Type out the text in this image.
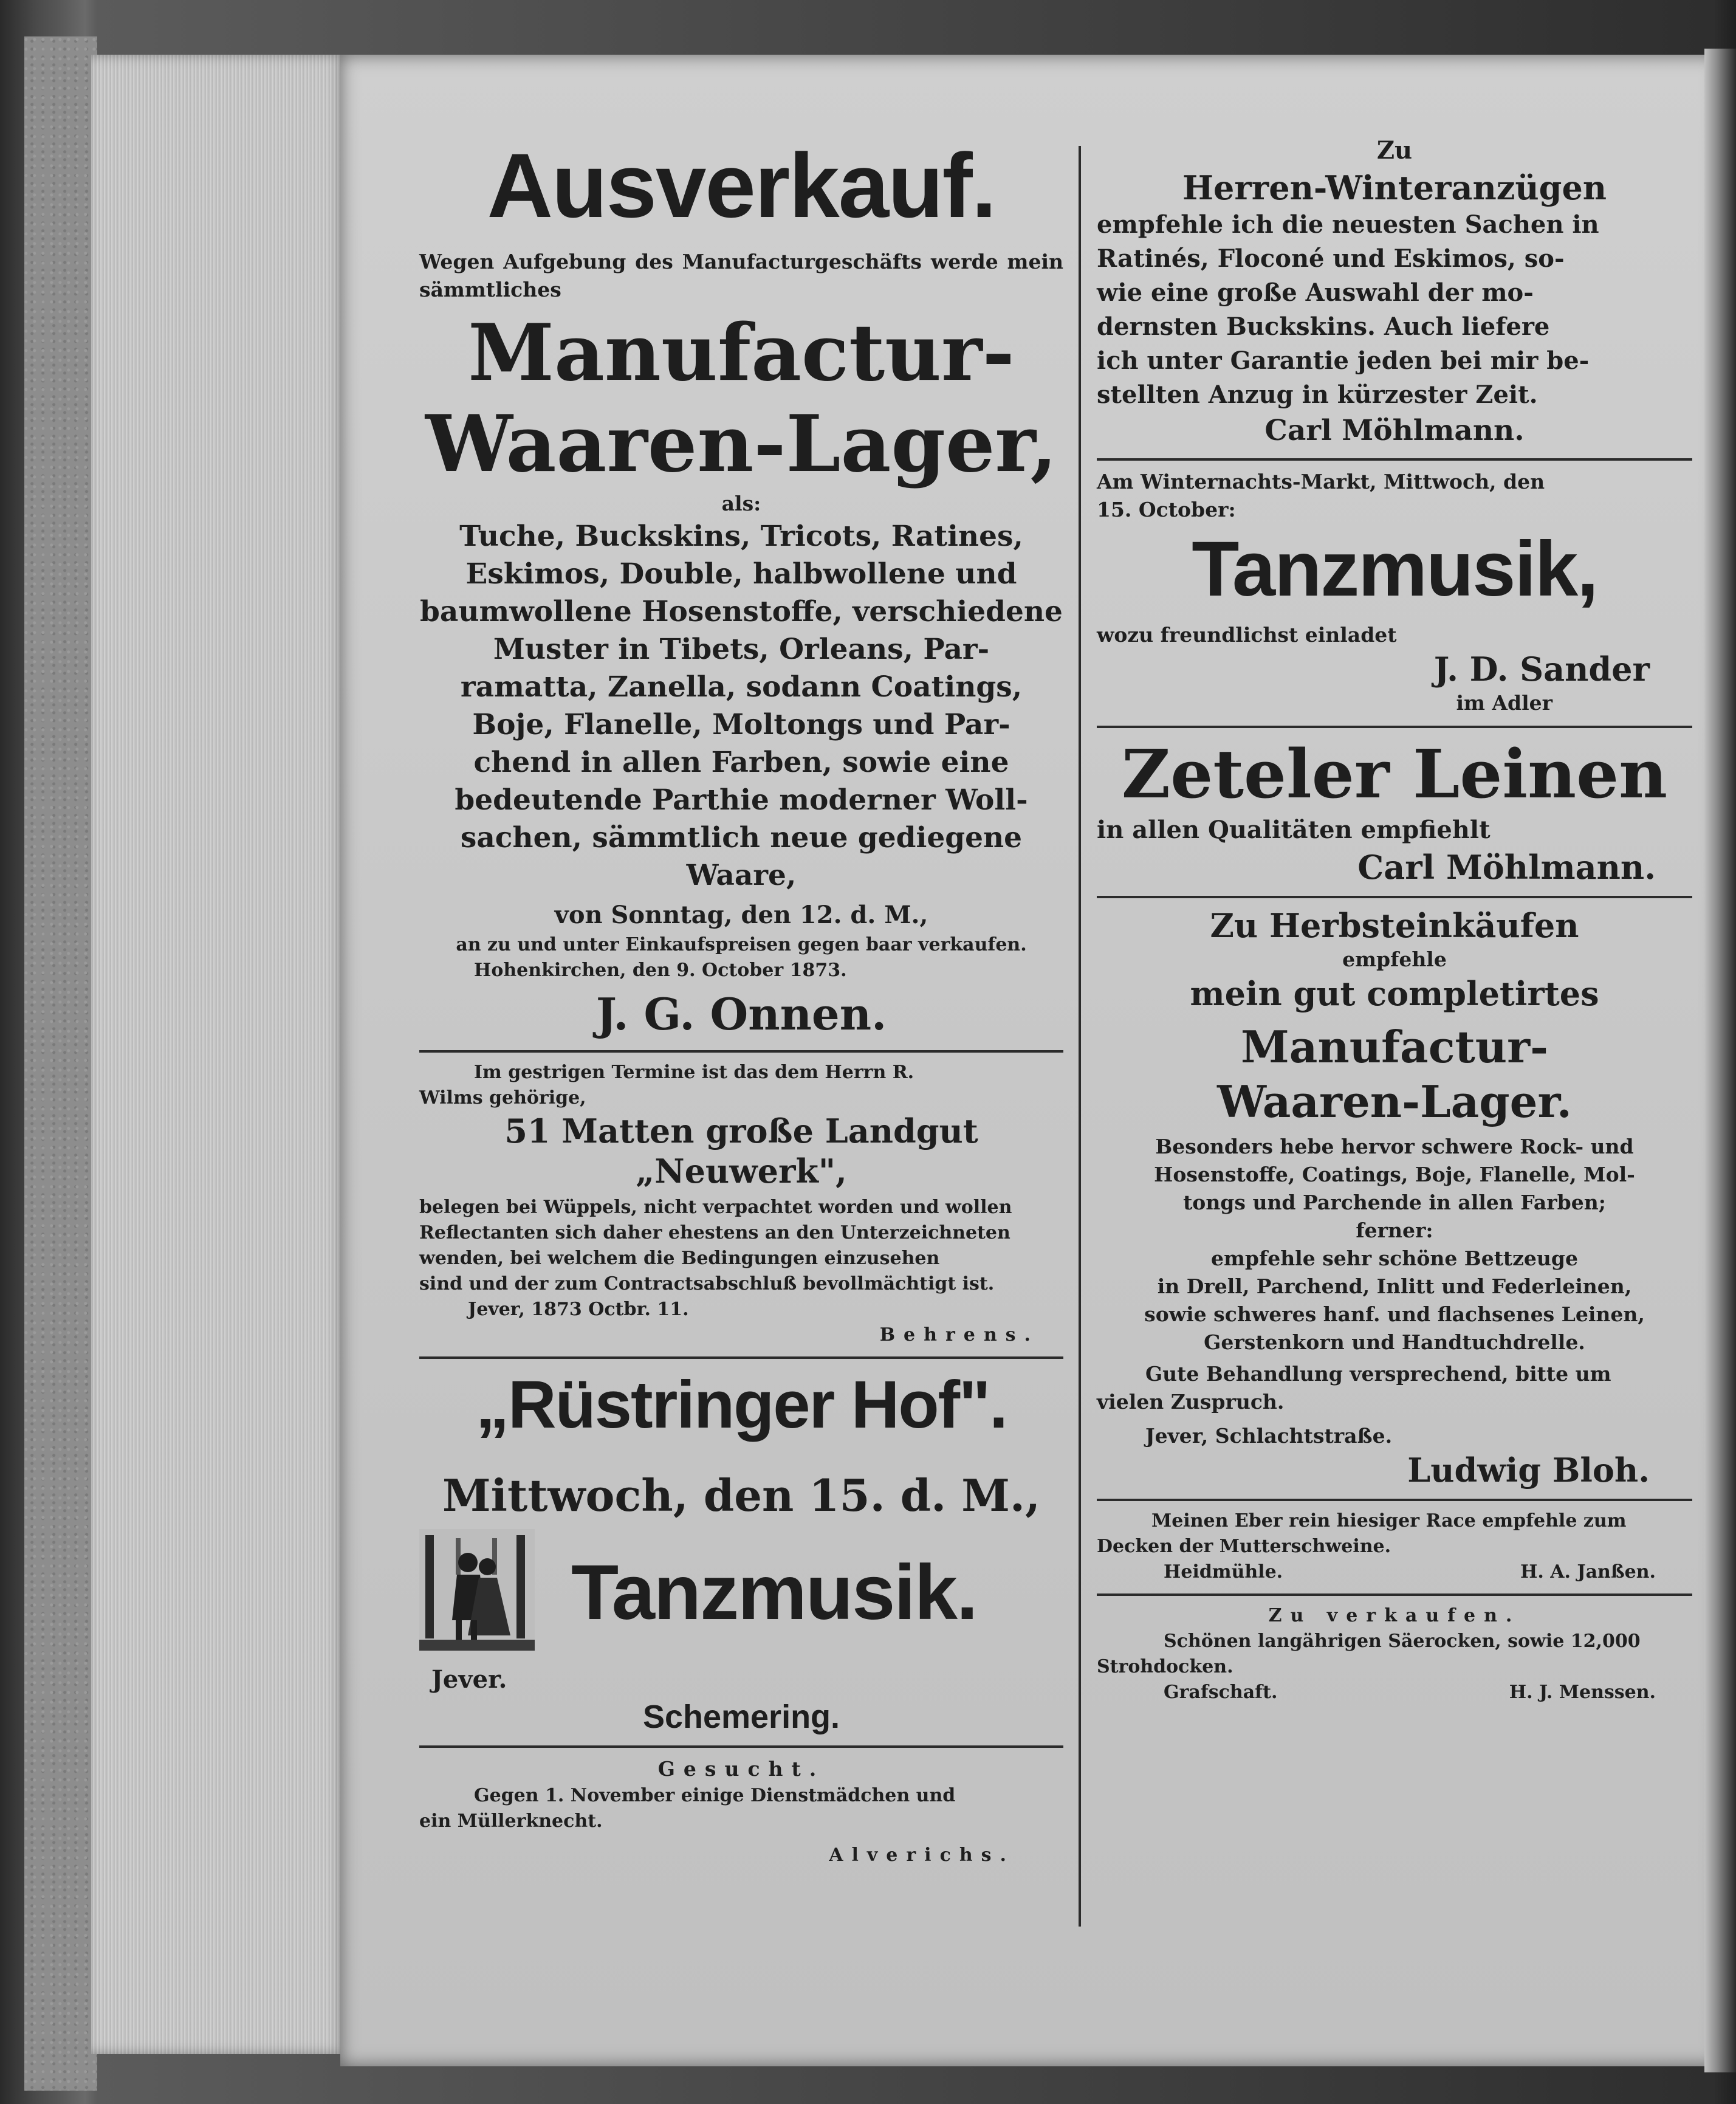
Ausverkauf.
Wegen Aufgebung des Manufacturgeschäfts werde mein sämmtliches
Manufactur-
Waaren-Lager,
als:
Tuche, Buckskins, Tricots, Ratines,
Eskimos, Double, halbwollene und
baumwollene Hosenstoffe, verschiedene
Muster in Tibets, Orleans, Par-
ramatta, Zanella, sodann Coatings,
Boje, Flanelle, Moltongs und Par-
chend in allen Farben, sowie eine
bedeutende Parthie moderner Woll-
sachen, sämmtlich neue gediegene
Waare,
von Sonntag, den 12. d. M.,
an zu und unter Einkaufspreisen gegen baar verkaufen.
Hohenkirchen, den 9. October 1873.
J. G. Onnen.
Im gestrigen Termine ist das dem Herrn R.
Wilms gehörige,
51 Matten große Landgut
„Neuwerk",
belegen bei Wüppels, nicht verpachtet worden und wollen
Reflectanten sich daher ehestens an den Unterzeichneten
wenden, bei welchem die Bedingungen einzusehen
sind und der zum Contractsabschluß bevollmächtigt ist.
Jever, 1873 Octbr. 11.
Behrens.
„Rüstringer Hof".
Mittwoch, den 15. d. M.,
Tanzmusik.
Jever.
Schemering.
Gesucht.
Gegen 1. November einige Dienstmädchen und
ein Müllerknecht.
Alverichs.
Zu
Herren-Winteranzügen
empfehle ich die neuesten Sachen in
Ratinés, Floconé und Eskimos, so-
wie eine große Auswahl der mo-
dernsten Buckskins. Auch liefere
ich unter Garantie jeden bei mir be-
stellten Anzug in kürzester Zeit.
Carl Möhlmann.
Am Winternachts-Markt, Mittwoch, den
15. October:
Tanzmusik,
wozu freundlichst einladet
J. D. Sander
im Adler
Zeteler Leinen
in allen Qualitäten empfiehlt
Carl Möhlmann.
Zu Herbsteinkäufen
empfehle
mein gut completirtes
Manufactur-
Waaren-Lager.
Besonders hebe hervor schwere Rock- und
Hosenstoffe, Coatings, Boje, Flanelle, Mol-
tongs und Parchende in allen Farben;
ferner:
empfehle sehr schöne Bettzeuge
in Drell, Parchend, Inlitt und Federleinen,
sowie schweres hanf. und flachsenes Leinen,
Gerstenkorn und Handtuchdrelle.
Gute Behandlung versprechend, bitte um
vielen Zuspruch.
Jever, Schlachtstraße.
Ludwig Bloh.
Meinen Eber rein hiesiger Race empfehle zum
Decken der Mutterschweine.
Heidmühle.	H. A. Janßen.
Zu verkaufen.
Schönen langährigen Säerocken, sowie 12,000
Strohdocken.
Grafschaft.	H. J. Menssen.
